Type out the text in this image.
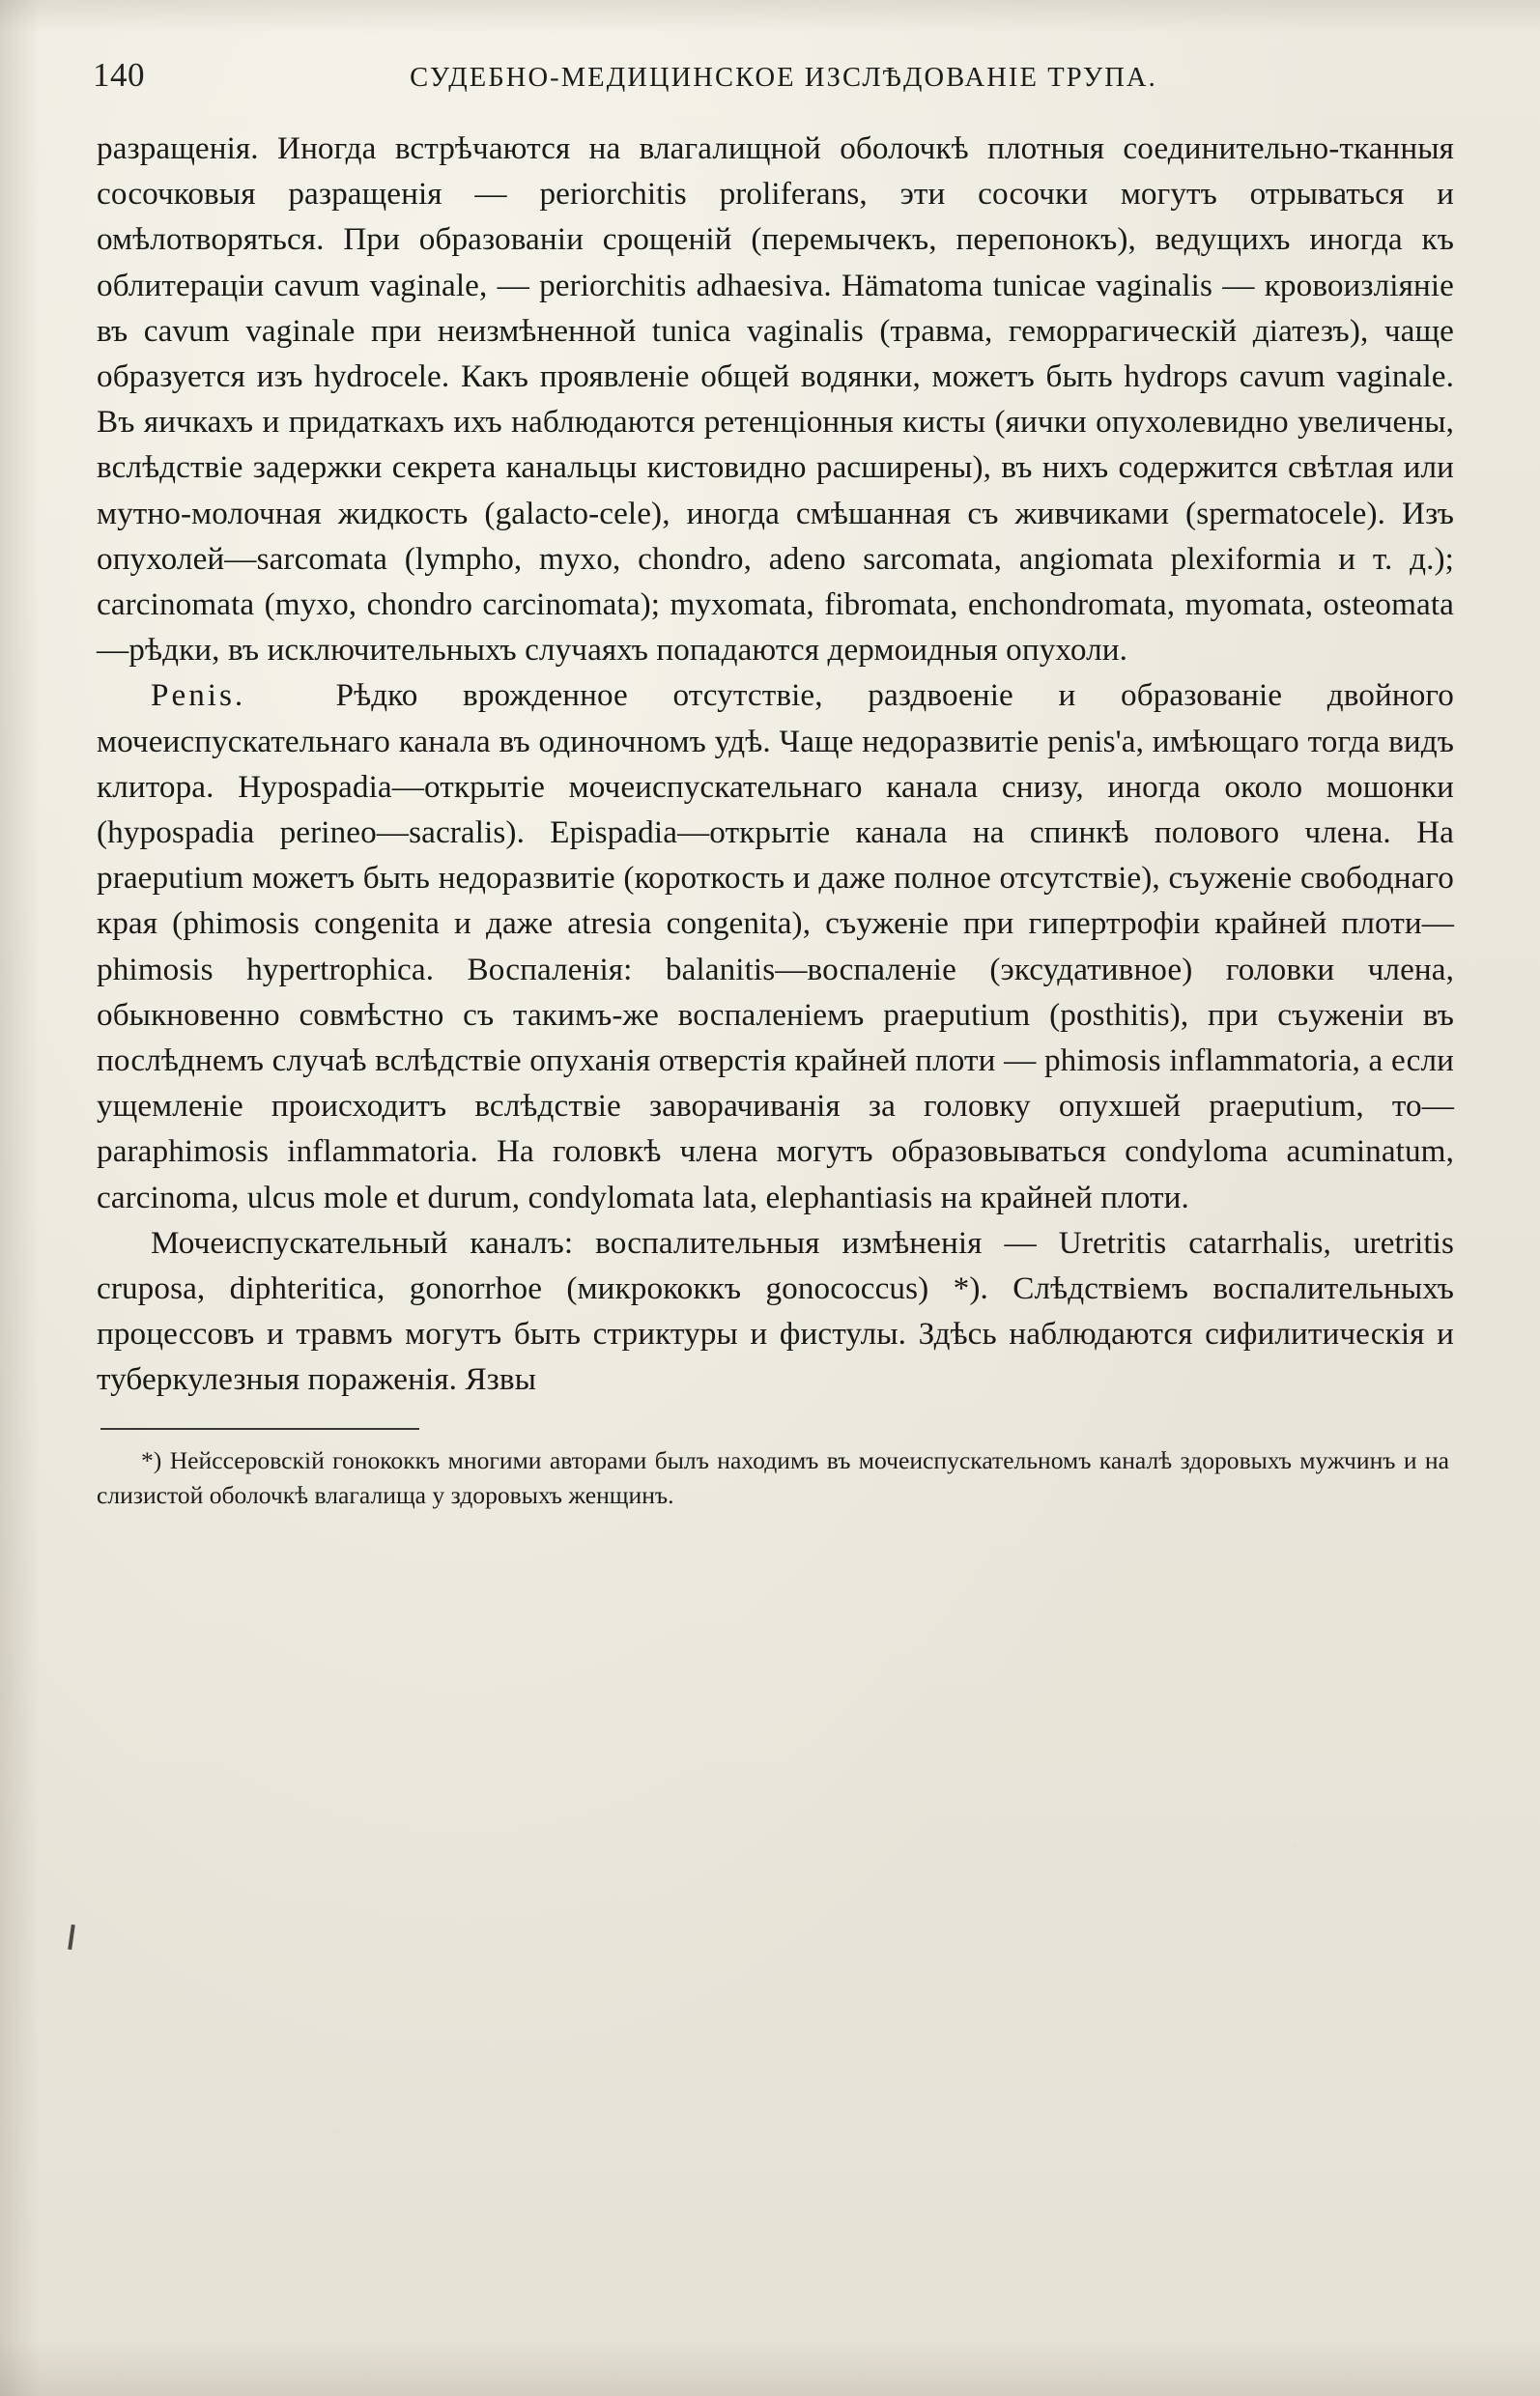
140	СУДЕБНО-МЕДИЦИНСКОЕ ИЗСЛѢДОВАНІЕ ТРУПА.

разращенія. Иногда встрѣчаются на влагалищной оболочкѣ плотныя соединительно-тканныя сосочковыя разращенія — periorchitis proliferans, эти сосочки могутъ отрываться и омѣлотворяться. При образованіи срощеній (перемычекъ, перепонокъ), ведущихъ иногда къ облитераціи cavum vaginale, — periorchitis adhaesiva. Hämatoma tunicae vaginalis — кровоизліяніе въ cavum vaginale при неизмѣненной tunica vaginalis (травма, геморрагическій діатезъ), чаще образуется изъ hydrocele. Какъ проявленіе общей водянки, можетъ быть hydrops cavum vaginale. Въ яичкахъ и придаткахъ ихъ наблюдаются ретенціонныя кисты (яички опухолевидно увеличены, вслѣдствіе задержки секрета канальцы кистовидно расширены), въ нихъ содержится свѣтлая или мутно-молочная жидкость (galacto-cele), иногда смѣшанная съ живчиками (spermatocele). Изъ опухолей—sarcomata (lympho, myxo, chondro, adeno sarcomata, angiomata plexiformia и т. д.); carcinomata (myxo, chondro carcinomata); myxomata, fibromata, enchondromata, myomata, osteomata—рѣдки, въ исключительныхъ случаяхъ попадаются дермоидныя опухоли.

Penis.	Рѣдко врожденное отсутствіе, раздвоеніе и образованіе двойного мочеиспускательнаго канала въ одиночномъ удѣ. Чаще недоразвитіе penis'a, имѣющаго тогда видъ клитора. Hypospadia—открытіе мочеиспускательнаго канала снизу, иногда около мошонки (hypospadia perineo—sacralis). Epispadia—открытіе канала на спинкѣ полового члена. На praeputium можетъ быть недоразвитіе (короткость и даже полное отсутствіе), съуженіе свободнаго края (phimosis congenita и даже atresia congenita), съуженіе при гипертрофіи крайней плоти—phimosis hypertrophica. Воспаленія: balanitis—воспаленіе (эксудативное) головки члена, обыкновенно совмѣстно съ такимъ-же воспаленіемъ praeputium (posthitis), при съуженіи въ послѣднемъ случаѣ вслѣдствіе опуханія отверстія крайней плоти — phimosis inflammatoria, а если ущемленіе происходитъ вслѣдствіе заворачиванія за головку опухшей praeputium, то—paraphimosis inflammatoria. На головкѣ члена могутъ образовываться condyloma acuminatum, carcinoma, ulcus mole et durum, condylomata lata, elephantiasis на крайней плоти.

Мочеиспускательный каналъ: воспалительныя измѣненія — Uretritis catarrhalis, uretritis cruposa, diphteritica, gonorrhoe (микрококкъ gonococcus) *). Слѣдствіемъ воспалительныхъ процессовъ и травмъ могутъ быть стриктуры и фистулы. Здѣсь наблюдаются сифилитическія и туберкулезныя пораженія. Язвы

*) Нейссеровскій гонококкъ многими авторами былъ находимъ въ мочеиспускательномъ каналѣ здоровыхъ мужчинъ и на слизистой оболочкѣ влагалища у здоровыхъ женщинъ.
